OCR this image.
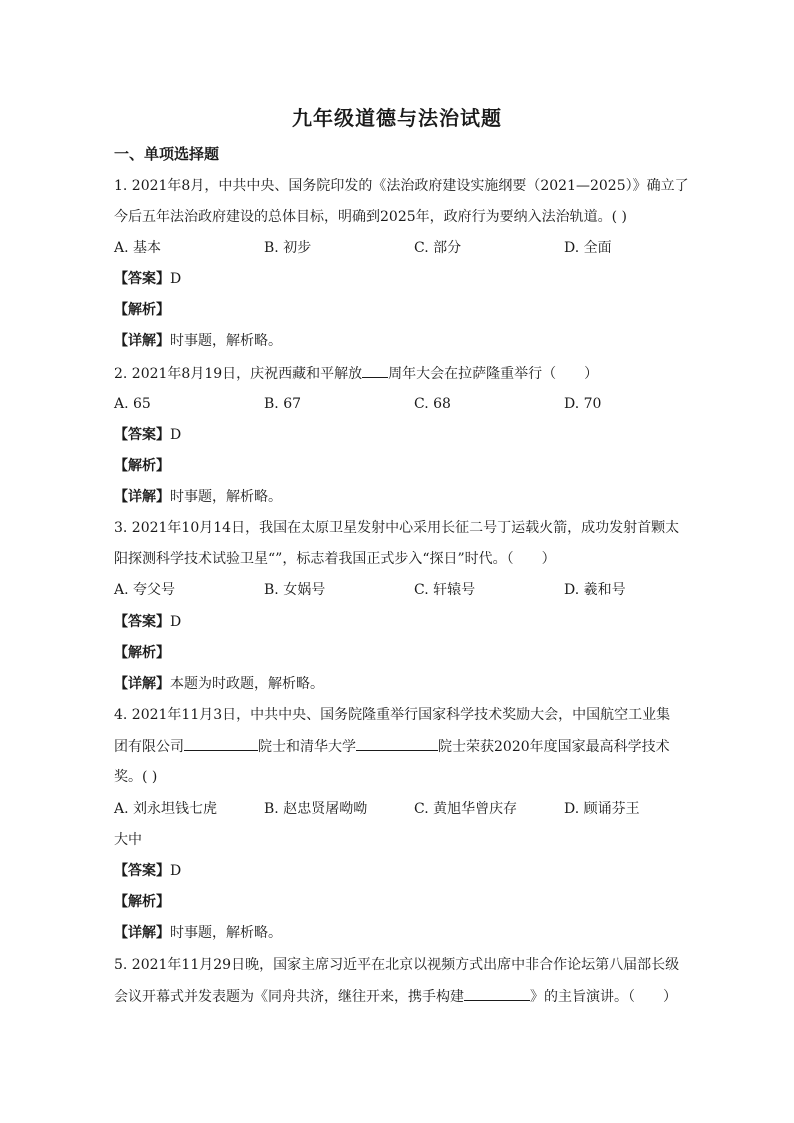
九年级道德与法治试题
一、单项选择题
1. 2021年8月，中共中央、国务院印发的《法治政府建设实施纲要（2021—2025）》确立了
今后五年法治政府建设的总体目标，明确到2025年，政府行为要纳入法治轨道。( )
A. 基本	B. 初步	C. 部分	D. 全面
【答案】D
【解析】
【详解】时事题，解析略。
2. 2021年8月19日，庆祝西藏和平解放 周年大会在拉萨隆重举行（　　）
A. 65	B. 67	C. 68	D. 70
【答案】D
【解析】
【详解】时事题，解析略。
3. 2021年10月14日，我国在太原卫星发射中心采用长征二号丁运载火箭，成功发射首颗太
阳探测科学技术试验卫星“”，标志着我国正式步入“探日”时代。（　　）
A. 夸父号	B. 女娲号	C. 轩辕号	D. 羲和号
【答案】D
【解析】
【详解】本题为时政题，解析略。
4. 2021年11月3日，中共中央、国务院隆重举行国家科学技术奖励大会，中国航空工业集
团有限公司	院士和清华大学	院士荣获2020年度国家最高科学技术
奖。( )
A. 刘永坦钱七虎	B. 赵忠贤屠呦呦	C. 黄旭华曾庆存	D. 顾诵芬王
大中
【答案】D
【解析】
【详解】时事题，解析略。
5. 2021年11月29日晚，国家主席习近平在北京以视频方式出席中非合作论坛第八届部长级
会议开幕式并发表题为《同舟共济，继往开来，携手构建	》的主旨演讲。（　　）
